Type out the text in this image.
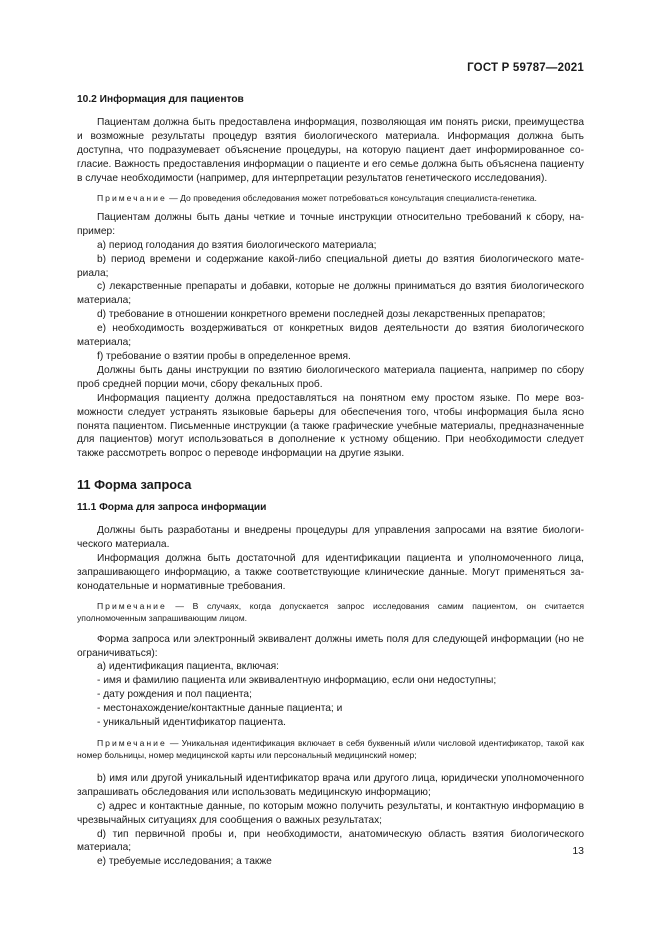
ГОСТ Р 59787—2021

10.2 Информация для пациентов

Пациентам должна быть предоставлена информация, позволяющая им понять риски, преимущества и возможные результаты процедур взятия биологического материала. Информация должна быть доступна, что подразумевает объяснение процедуры, на которую пациент дает информированное согласие. Важность предоставления информации о пациенте и его семье должна быть объяснена пациенту в случае необходимости (например, для интерпретации результатов генетического исследования).

Примечание — До проведения обследования может потребоваться консультация специалиста-генетика.

Пациентам должны быть даны четкие и точные инструкции относительно требований к сбору, например:

a) период голодания до взятия биологического материала;

b) период времени и содержание какой-либо специальной диеты до взятия биологического материала;

c) лекарственные препараты и добавки, которые не должны приниматься до взятия биологического материала;

d) требование в отношении конкретного времени последней дозы лекарственных препаратов;

e) необходимость воздерживаться от конкретных видов деятельности до взятия биологического материала;

f) требование о взятии пробы в определенное время.

Должны быть даны инструкции по взятию биологического материала пациента, например по сбору проб средней порции мочи, сбору фекальных проб.

Информация пациенту должна предоставляться на понятном ему простом языке. По мере возможности следует устранять языковые барьеры для обеспечения того, чтобы информация была ясно понята пациентом. Письменные инструкции (а также графические учебные материалы, предназначенные для пациентов) могут использоваться в дополнение к устному общению. При необходимости следует также рассмотреть вопрос о переводе информации на другие языки.

11 Форма запроса

11.1 Форма для запроса информации

Должны быть разработаны и внедрены процедуры для управления запросами на взятие биологического материала.

Информация должна быть достаточной для идентификации пациента и уполномоченного лица, запрашивающего информацию, а также соответствующие клинические данные. Могут применяться законодательные и нормативные требования.

Примечание — В случаях, когда допускается запрос исследования самим пациентом, он считается уполномоченным запрашивающим лицом.

Форма запроса или электронный эквивалент должны иметь поля для следующей информации (но не ограничиваться):

a) идентификация пациента, включая:

- имя и фамилию пациента или эквивалентную информацию, если они недоступны;

- дату рождения и пол пациента;

- местонахождение/контактные данные пациента; и

- уникальный идентификатор пациента.

Примечание — Уникальная идентификация включает в себя буквенный и/или числовой идентификатор, такой как номер больницы, номер медицинской карты или персональный медицинский номер;

b) имя или другой уникальный идентификатор врача или другого лица, юридически уполномоченного запрашивать обследования или использовать медицинскую информацию;

c) адрес и контактные данные, по которым можно получить результаты, и контактную информацию в чрезвычайных ситуациях для сообщения о важных результатах;

d) тип первичной пробы и, при необходимости, анатомическую область взятия биологического материала;

e) требуемые исследования; а также

13
